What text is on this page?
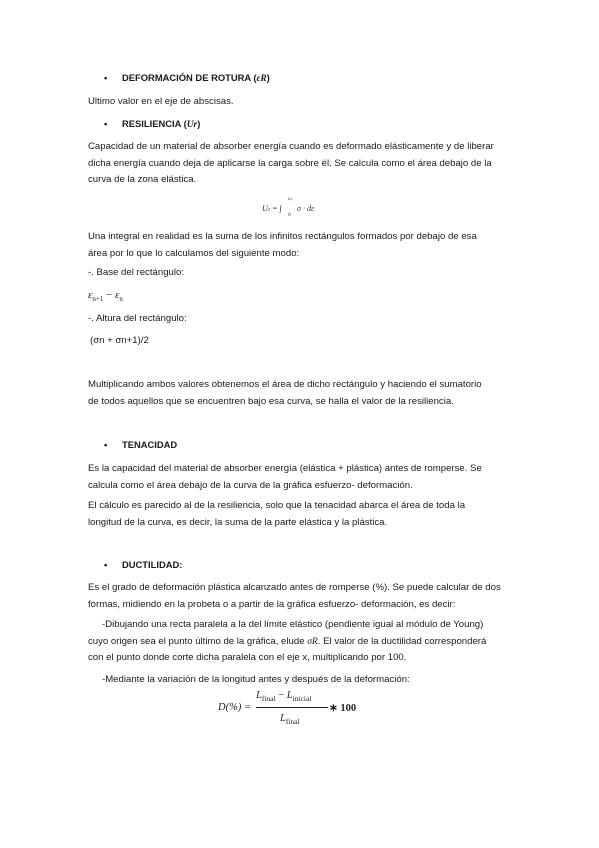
• DEFORMACIÓN DE ROTURA (εR)

Ultimo valor en el eje de abscisas.

• RESILIENCIA (Ur)
Capacidad de un material de absorber energía cuando es deformado elásticamente y de liberar
dicha energía cuando deja de aplicarse la carga sobre él. Se calcula como el área debajo de la
curva de la zona elástica.
Uₜ = ∫
εₚ
0
σ · dε
Una integral en realidad es la suma de los infinitos rectángulos formados por debajo de esa
área por lo que lo calculamos del siguiente modo:

-. Base del rectángulo:

$\varepsilon_{n+1} - \varepsilon_n$

-. Altura del rectángulo:

(σn + σn+1)/2

Multiplicando ambos valores obtenemos el área de dicho rectángulo y haciendo el sumatorio
de todos aquellos que se encuentren bajo esa curva, se halla el valor de la resiliencia.
• TENACIDAD
Es la capacidad del material de absorber energía (elástica + plástica) antes de romperse. Se
calcula como el área debajo de la curva de la gráfica esfuerzo- deformación.
El cálculo es parecido al de la resiliencia, solo que la tenacidad abarca el área de toda la
longitud de la curva, es decir, la suma de la parte elástica y la plástica.
• DUCTILIDAD:
Es el grado de deformación plástica alcanzado antes de romperse (%). Se puede calcular de dos
formas, midiendo en la probeta o a partir de la gráfica esfuerzo- deformación, es decir:
-Dibujando una recta paralela a la del límite elástico (pendiente igual al módulo de Young)
cuyo origen sea el punto último de la gráfica, elude σR. El valor de la ductilidad corresponderá
con el punto donde corte dicha paralela con el eje x, multiplicando por 100.
-Mediante la variación de la longitud antes y después de la deformación:
D(%) =
$L_{final} - L_{inicial}$
$L_{final}$
∗ 100
